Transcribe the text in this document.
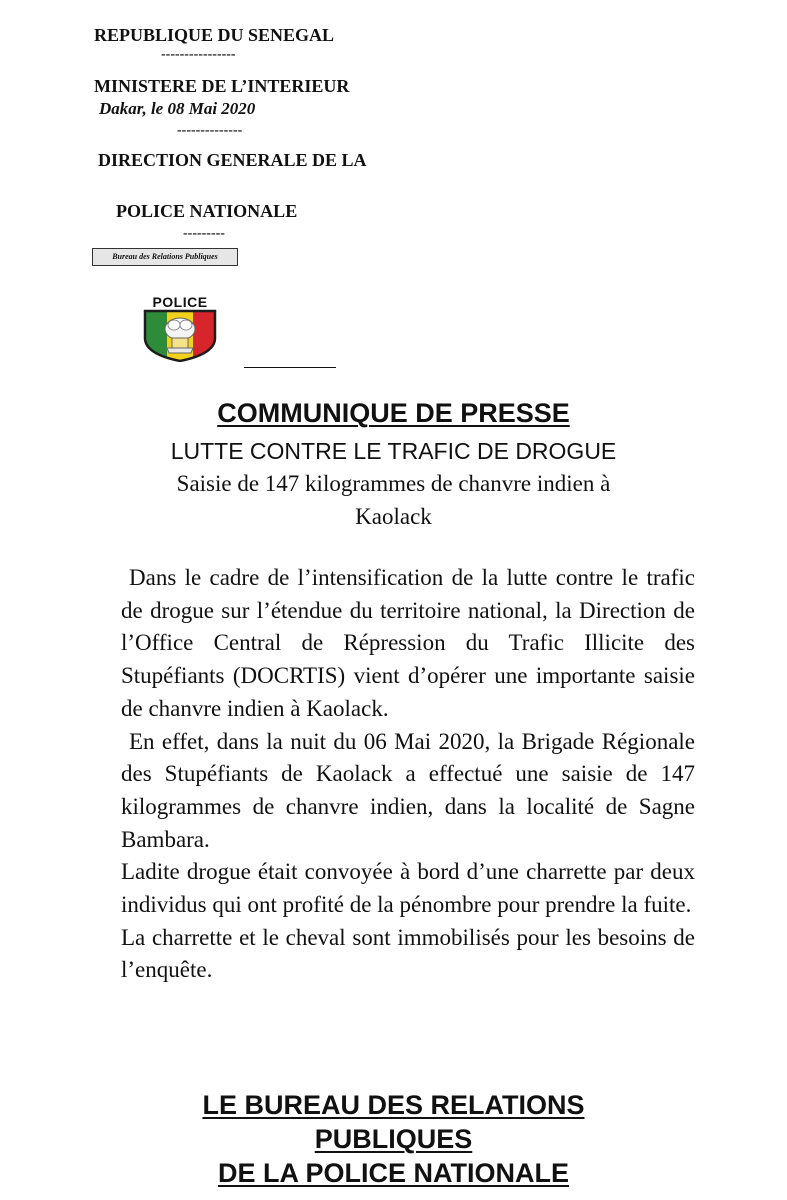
REPUBLIQUE DU SENEGAL
----------------
MINISTERE DE L’INTERIEUR
Dakar, le 08 Mai 2020
--------------
DIRECTION GENERALE DE LA
POLICE NATIONALE
---------
Bureau des Relations Publiques
POLICE
COMMUNIQUE DE PRESSE
LUTTE CONTRE LE TRAFIC DE DROGUE
Saisie de 147 kilogrammes de chanvre indien à
Kaolack

Dans le cadre de l’intensification de la lutte contre le trafic de drogue sur l’étendue du territoire national, la Direction de l’Office Central de Répression du Trafic Illicite des Stupéfiants (DOCRTIS) vient d’opérer une importante saisie de chanvre indien à Kaolack.

En effet, dans la nuit du 06 Mai 2020, la Brigade Régionale des Stupéfiants de Kaolack a effectué une saisie de 147 kilogrammes de chanvre indien, dans la localité de Sagne Bambara.

Ladite drogue était convoyée à bord d’une charrette par deux individus qui ont profité de la pénombre pour prendre la fuite.

La charrette et le cheval sont immobilisés pour les besoins de l’enquête.

LE BUREAU DES RELATIONS
PUBLIQUES
DE LA POLICE NATIONALE
